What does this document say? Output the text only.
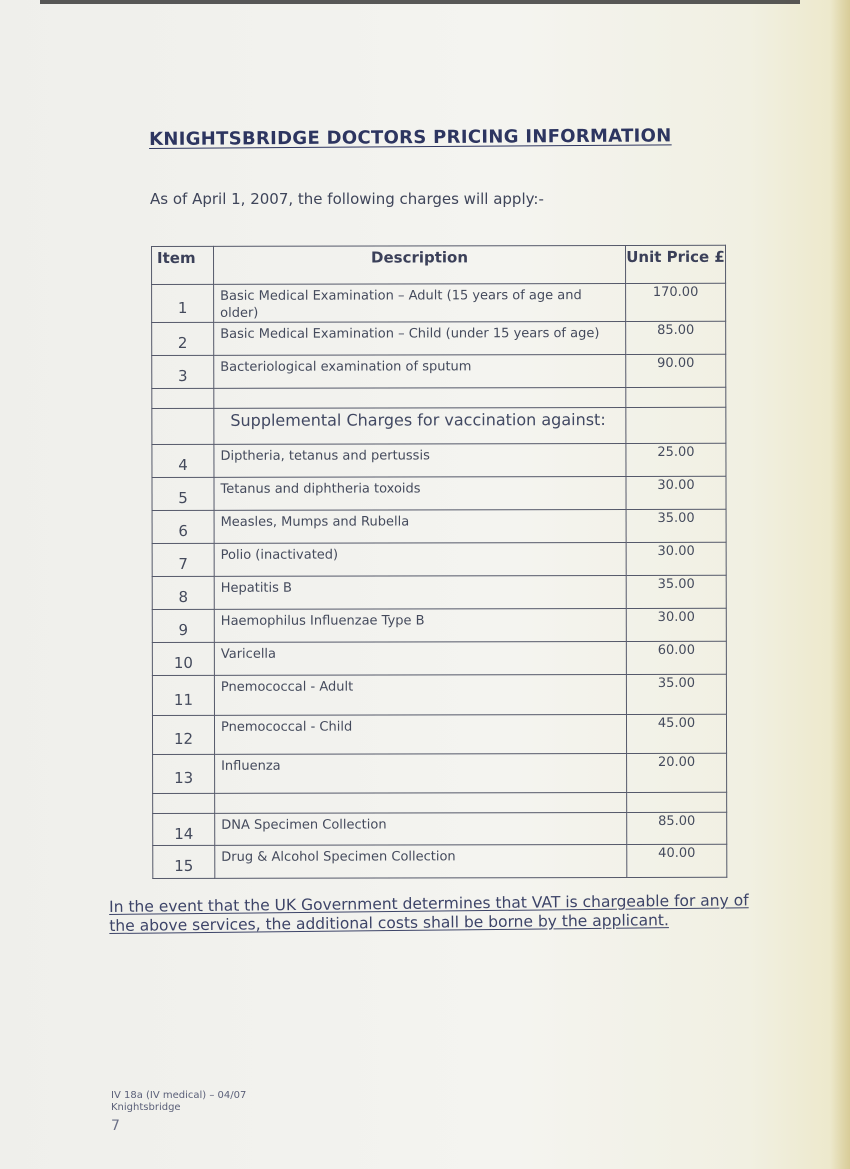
KNIGHTSBRIDGE DOCTORS PRICING INFORMATION
As of April 1, 2007, the following charges will apply:-
Item	Description	Unit Price £
1	Basic Medical Examination – Adult (15 years of age and older)	170.00
2	Basic Medical Examination – Child (under 15 years of age)	85.00
3	Bacteriological examination of sputum	90.00

	Supplemental Charges for vaccination against:	
4	Diptheria, tetanus and pertussis	25.00
5	Tetanus and diphtheria toxoids	30.00
6	Measles, Mumps and Rubella	35.00
7	Polio (inactivated)	30.00
8	Hepatitis B	35.00
9	Haemophilus Influenzae Type B	30.00
10	Varicella	60.00
11	Pnemococcal - Adult	35.00
12	Pnemococcal - Child	45.00
13	Influenza	20.00

14	DNA Specimen Collection	85.00
15	Drug & Alcohol Specimen Collection	40.00
In the event that the UK Government determines that VAT is chargeable for any of the above services, the additional costs shall be borne by the applicant.
IV 18a (IV medical) – 04/07
Knightsbridge
7
